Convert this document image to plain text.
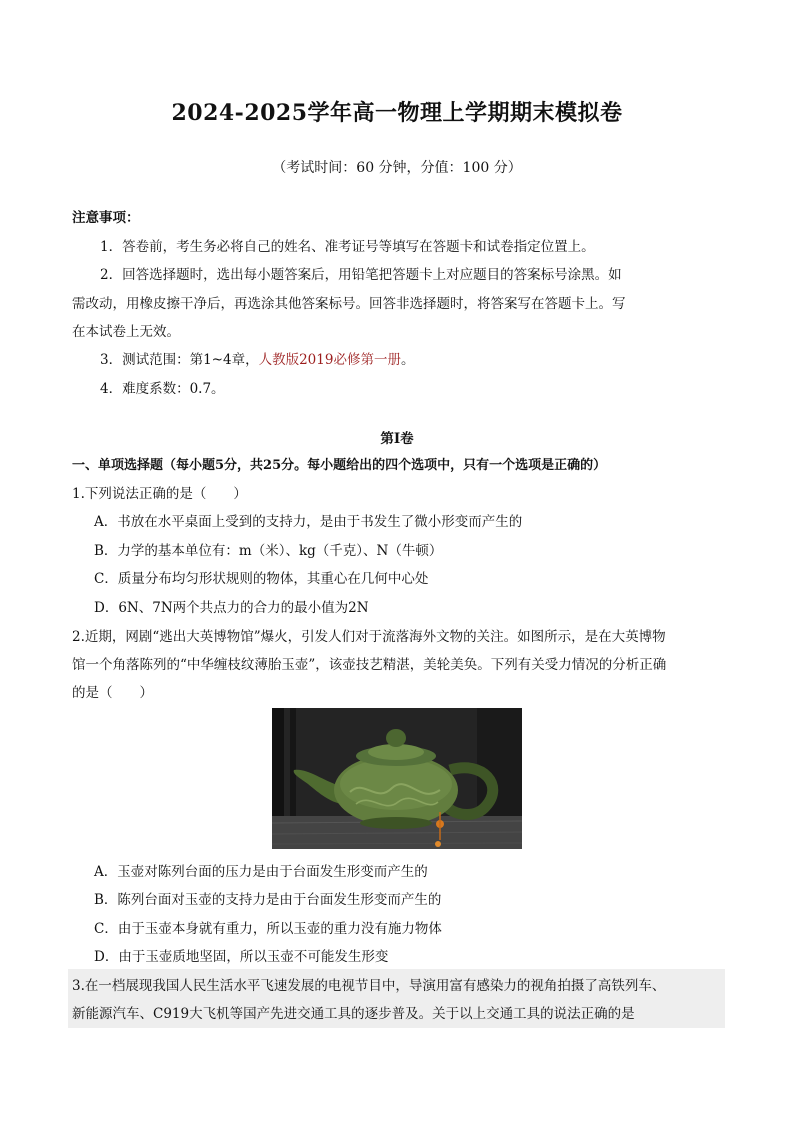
2024-2025学年高一物理上学期期末模拟卷
（考试时间：60 分钟，分值：100 分）
注意事项：
1．答卷前，考生务必将自己的姓名、准考证号等填写在答题卡和试卷指定位置上。
2．回答选择题时，选出每小题答案后，用铅笔把答题卡上对应题目的答案标号涂黑。如
需改动，用橡皮擦干净后，再选涂其他答案标号。回答非选择题时，将答案写在答题卡上。写
在本试卷上无效。
3．测试范围：第1~4章，人教版2019必修第一册。
4．难度系数：0.7。
第Ⅰ卷
一、单项选择题（每小题5分，共25分。每小题给出的四个选项中，只有一个选项是正确的）
1.下列说法正确的是（　　）
A．书放在水平桌面上受到的支持力，是由于书发生了微小形变而产生的
B．力学的基本单位有：m（米）、kg（千克）、N（牛顿）
C．质量分布均匀形状规则的物体，其重心在几何中心处
D．6N、7N两个共点力的合力的最小值为2N
2.近期，网剧“逃出大英博物馆”爆火，引发人们对于流落海外文物的关注。如图所示，是在大英博物
馆一个角落陈列的“中华缠枝纹薄胎玉壶”，该壶技艺精湛，美轮美奂。下列有关受力情况的分析正确
的是（　　）
A．玉壶对陈列台面的压力是由于台面发生形变而产生的
B．陈列台面对玉壶的支持力是由于台面发生形变而产生的
C．由于玉壶本身就有重力，所以玉壶的重力没有施力物体
D．由于玉壶质地坚固，所以玉壶不可能发生形变
3.在一档展现我国人民生活水平飞速发展的电视节目中，导演用富有感染力的视角拍摄了高铁列车、
新能源汽车、C919大飞机等国产先进交通工具的逐步普及。关于以上交通工具的说法正确的是
